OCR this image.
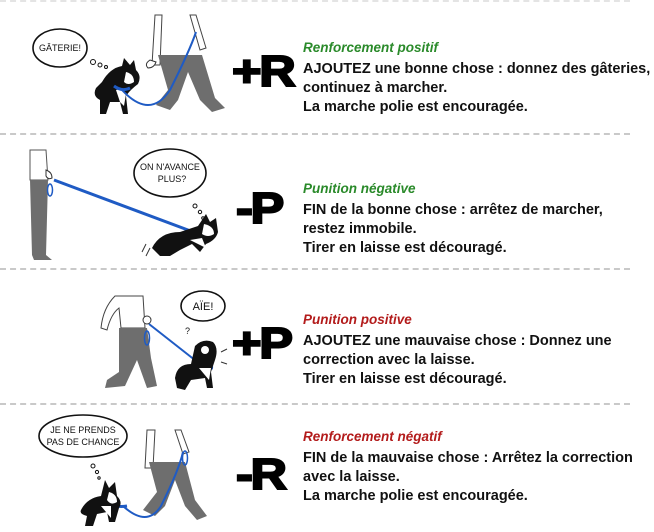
GÂTERIE!	+R Renforcement positif
AJOUTEZ une bonne chose : donnez des gâteries,
continuez à marcher.
La marche polie est encouragée.
ON N'AVANCE
PLUS?
-P Punition négative
FIN de la bonne chose : arrêtez de marcher,
restez immobile.
Tirer en laisse est découragé.
AÏE!
? +P Punition positive
AJOUTEZ une mauvaise chose : Donnez une
correction avec la laisse.
Tirer en laisse est découragé.
JE NE PRENDS
PAS DE CHANCE
-R
Renforcement négatif
FIN de la mauvaise chose : Arrêtez la correction
avec la laisse.
La marche polie est encouragée.
